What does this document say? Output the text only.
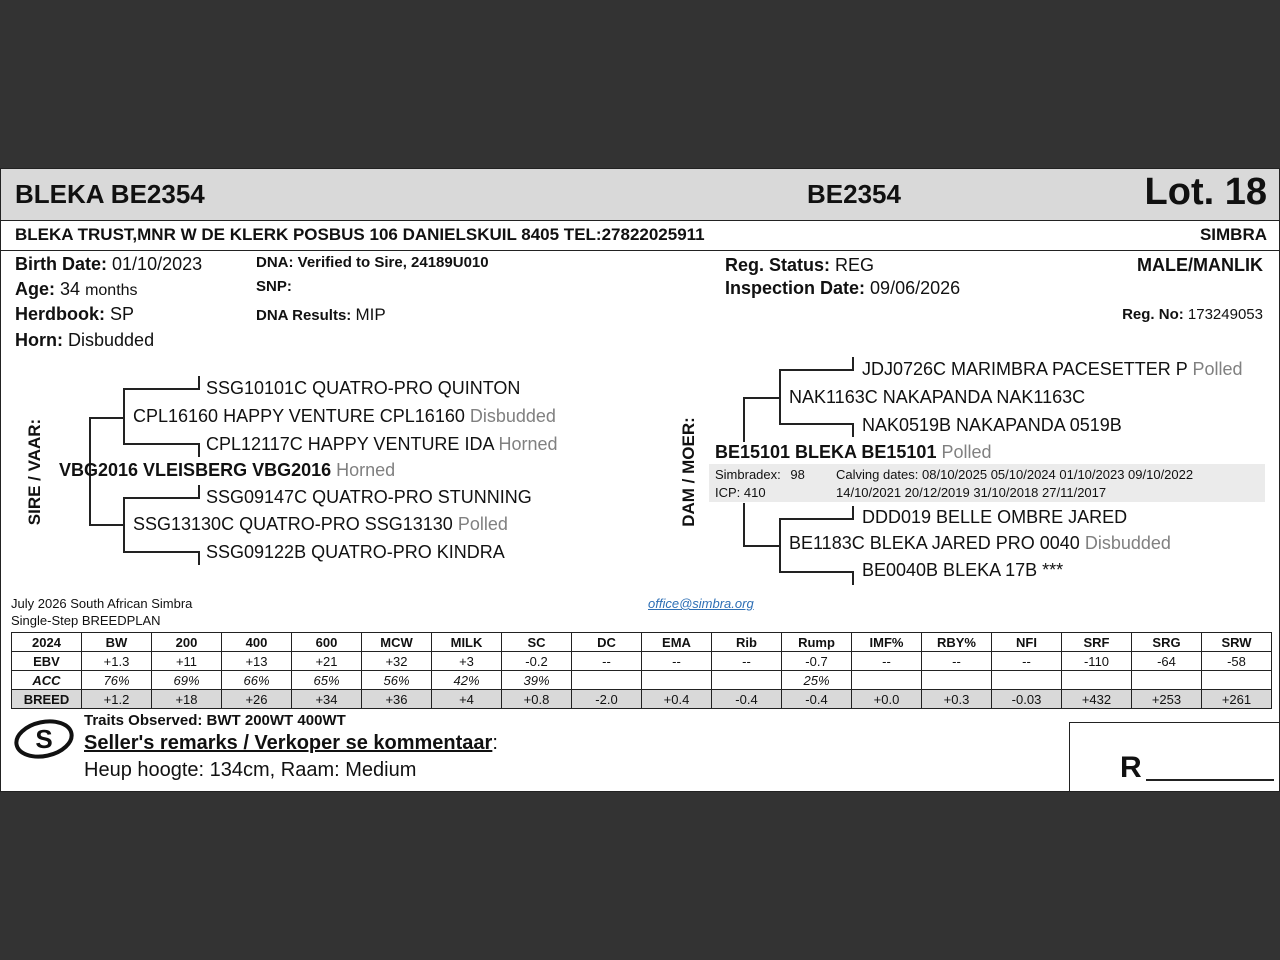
BLEKA BE2354	BE2354	Lot. 18
BLEKA TRUST,MNR W DE KLERK POSBUS 106 DANIELSKUIL 8405 TEL:27822025911	SIMBRA
Birth Date: 01/10/2023
Age: 34 months
Herdbook: SP
Horn: Disbudded
DNA: Verified to Sire, 24189U010
SNP:
DNA Results: MIP
Reg. Status: REG
Inspection Date: 09/06/2026
MALE/MANLIK
Reg. No: 173249053
SIRE / VAAR:
SSG10101C QUATRO-PRO QUINTON
CPL16160 HAPPY VENTURE CPL16160 Disbudded
CPL12117C HAPPY VENTURE IDA Horned
VBG2016 VLEISBERG VBG2016 Horned
SSG09147C QUATRO-PRO STUNNING
SSG13130C QUATRO-PRO SSG13130 Polled
SSG09122B QUATRO-PRO KINDRA
DAM / MOER:
JDJ0726C MARIMBRA PACESETTER P Polled
NAK1163C NAKAPANDA NAK1163C
NAK0519B NAKAPANDA 0519B
BE15101 BLEKA BE15101 Polled
Simbradex: 98
ICP: 410
Calving dates: 08/10/2025 05/10/2024 01/10/2023 09/10/2022
14/10/2021 20/12/2019 31/10/2018 27/11/2017
DDD019 BELLE OMBRE JARED
BE1183C BLEKA JARED PRO 0040 Disbudded
BE0040B BLEKA 17B ***
July 2026 South African Simbra
Single-Step BREEDPLAN
office@simbra.org
2024	BW	200	400	600	MCW	MILK	SC	DC	EMA	Rib	Rump	IMF%	RBY%	NFI	SRF	SRG	SRW
EBV	+1.3	+11	+13	+21	+32	+3	-0.2	--	--	--	-0.7	--	--	--	-110	-64	-58
ACC	76%	69%	66%	65%	56%	42%	39%				25%						
BREED	+1.2	+18	+26	+34	+36	+4	+0.8	-2.0	+0.4	-0.4	-0.4	+0.0	+0.3	-0.03	+432	+253	+261
S
Traits Observed: BWT 200WT 400WT
Seller's remarks / Verkoper se kommentaar:
Heup hoogte: 134cm, Raam: Medium	R
